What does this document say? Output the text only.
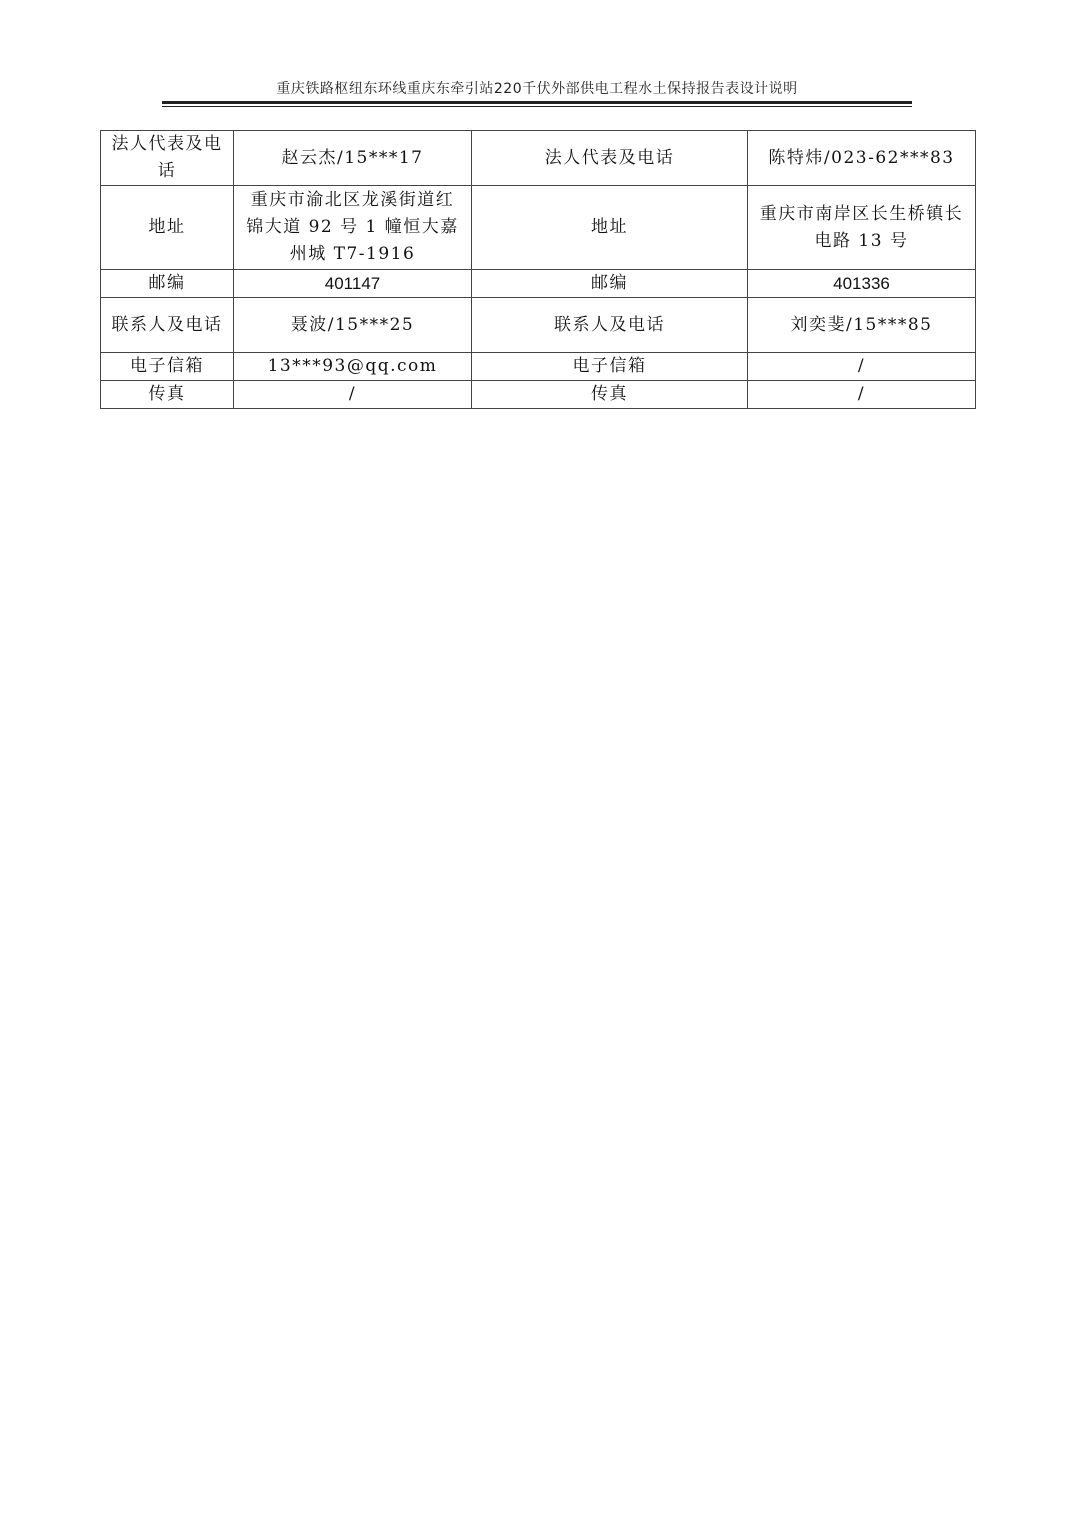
重庆铁路枢纽东环线重庆东牵引站220千伏外部供电工程水土保持报告表设计说明
法人代表及电话	赵云杰/15***17	法人代表及电话	陈特炜/023-62***83
地址	重庆市渝北区龙溪街道红锦大道 92 号 1 幢恒大嘉州城 T7-1916	地址	重庆市南岸区长生桥镇长电路 13 号
邮编	401147	邮编	401336
联系人及电话	聂波/15***25	联系人及电话	刘奕斐/15***85
电子信箱	13***93@qq.com	电子信箱	/
传真	/	传真	/
